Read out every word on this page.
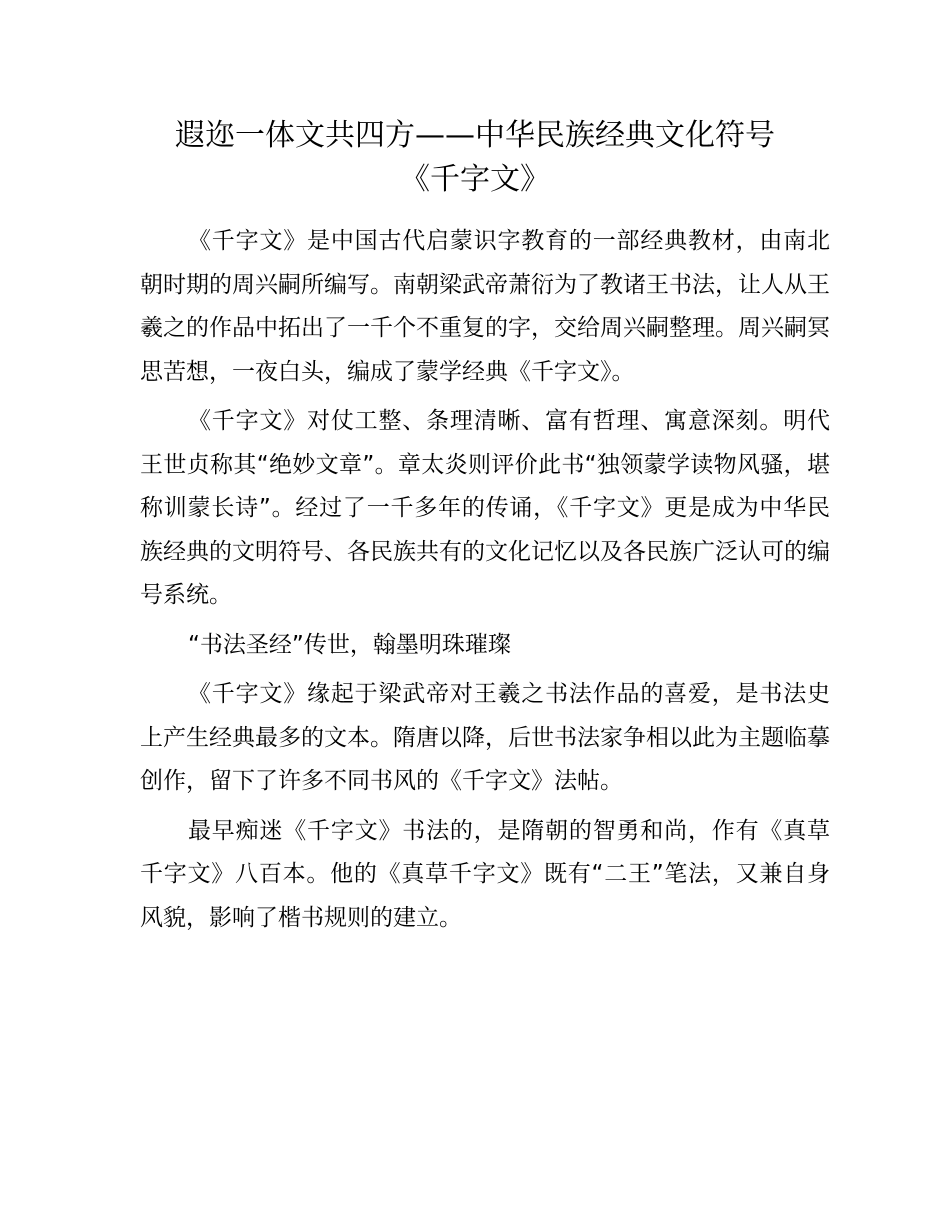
遐迩一体文共四方——中华民族经典文化符号
《千字文》

《千字文》是中国古代启蒙识字教育的一部经典教材，由南北朝时期的周兴嗣所编写。南朝梁武帝萧衍为了教诸王书法，让人从王羲之的作品中拓出了一千个不重复的字，交给周兴嗣整理。周兴嗣冥思苦想，一夜白头，编成了蒙学经典《千字文》。

《千字文》对仗工整、条理清晰、富有哲理、寓意深刻。明代王世贞称其“绝妙文章”。章太炎则评价此书“独领蒙学读物风骚，堪称训蒙长诗”。经过了一千多年的传诵，《千字文》更是成为中华民族经典的文明符号、各民族共有的文化记忆以及各民族广泛认可的编号系统。

“书法圣经”传世，翰墨明珠璀璨

《千字文》缘起于梁武帝对王羲之书法作品的喜爱，是书法史上产生经典最多的文本。隋唐以降，后世书法家争相以此为主题临摹创作，留下了许多不同书风的《千字文》法帖。

最早痴迷《千字文》书法的，是隋朝的智勇和尚，作有《真草千字文》八百本。他的《真草千字文》既有“二王”笔法，又兼自身风貌，影响了楷书规则的建立。
